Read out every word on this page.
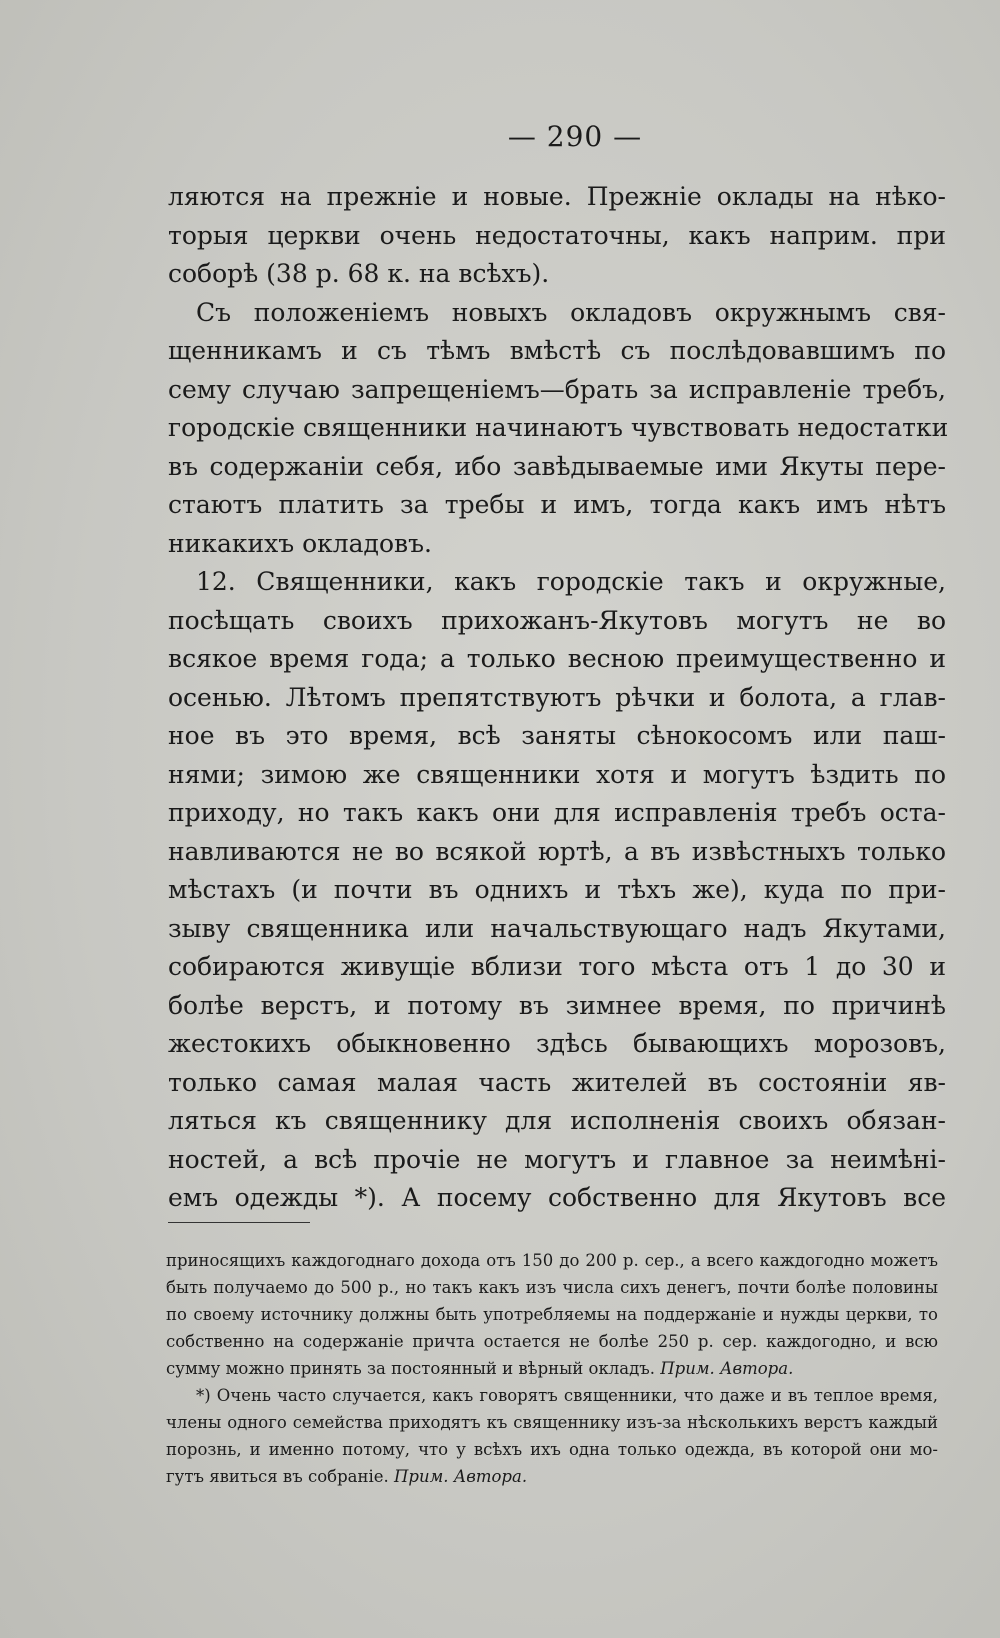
— 290 —
ляются на прежніе и новые. Прежніе оклады на нѣко-
торыя церкви очень недостаточны, какъ наприм. при
соборѣ (38 р. 68 к. на всѣхъ).
Съ положеніемъ новыхъ окладовъ окружнымъ свя-
щенникамъ и съ тѣмъ вмѣстѣ съ послѣдовавшимъ по
сему случаю запрещеніемъ—брать за исправленіе требъ,
городскіе священники начинаютъ чувствовать недостатки
въ содержаніи себя, ибо завѣдываемые ими Якуты пере-
стаютъ платить за требы и имъ, тогда какъ имъ нѣтъ
никакихъ окладовъ.
12. Священники, какъ городскіе такъ и окружные,
посѣщать своихъ прихожанъ-Якутовъ могутъ не во
всякое время года; а только весною преимущественно и
осенью. Лѣтомъ препятствуютъ рѣчки и болота, а глав-
ное въ это время, всѣ заняты сѣнокосомъ или паш-
нями; зимою же священники хотя и могутъ ѣздить по
приходу, но такъ какъ они для исправленія требъ оста-
навливаются не во всякой юртѣ, а въ извѣстныхъ только
мѣстахъ (и почти въ однихъ и тѣхъ же), куда по при-
зыву священника или начальствующаго надъ Якутами,
собираются живущіе вблизи того мѣста отъ 1 до 30 и
болѣе верстъ, и потому въ зимнее время, по причинѣ
жестокихъ обыкновенно здѣсь бывающихъ морозовъ,
только самая малая часть жителей въ состояніи яв-
ляться къ священнику для исполненія своихъ обязан-
ностей, а всѣ прочіе не могутъ и главное за неимѣні-
емъ одежды *). А посему собственно для Якутовъ все
приносящихъ каждогоднаго дохода отъ 150 до 200 р. сер., а всего каждогодно можетъ
быть получаемо до 500 р., но такъ какъ изъ числа сихъ денегъ, почти болѣе половины
по своему источнику должны быть употребляемы на поддержаніе и нужды церкви, то
собственно на содержаніе причта остается не болѣе 250 р. сер. каждогодно, и всю
сумму можно принять за постоянный и вѣрный окладъ. Прим. Автора.
*) Очень часто случается, какъ говорятъ священники, что даже и въ теплое время,
члены одного семейства приходятъ къ священнику изъ-за нѣсколькихъ верстъ каждый
порознь, и именно потому, что у всѣхъ ихъ одна только одежда, въ которой они мо-
гутъ явиться въ собраніе. Прим. Автора.
